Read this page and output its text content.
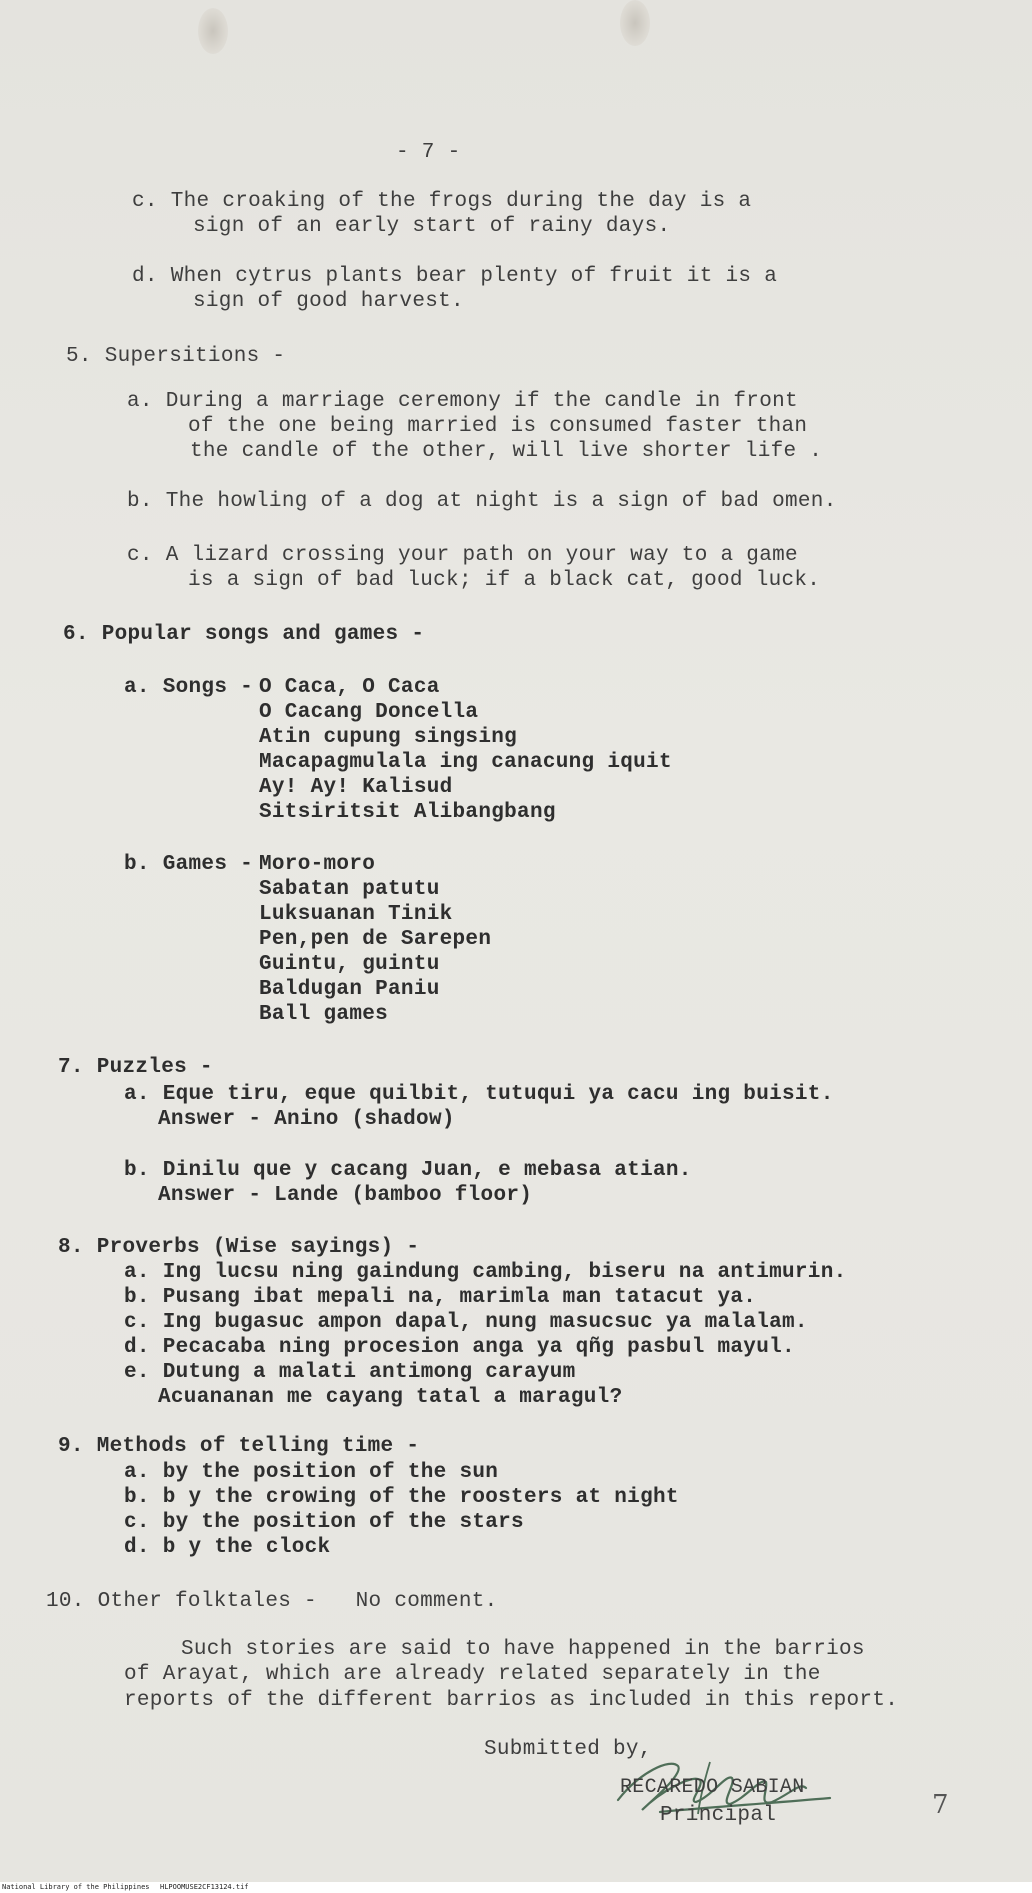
- 7 -
c. The croaking of the frogs during the day is a
sign of an early start of rainy days.
d. When cytrus plants bear plenty of fruit it is a
sign of good harvest.
5. Supersitions -
a. During a marriage ceremony if the candle in front
of the one being married is consumed faster than
the candle of the other, will live shorter life .
b. The howling of a dog at night is a sign of bad omen.
c. A lizard crossing your path on your way to a game
is a sign of bad luck; if a black cat, good luck.
6. Popular songs and games -
a. Songs -
O Caca, O Caca
O Cacang Doncella
Atin cupung singsing
Macapagmulala ing canacung iquit
Ay! Ay! Kalisud
Sitsiritsit Alibangbang
b. Games -
Moro-moro
Sabatan patutu
Luksuanan Tinik
Pen,pen de Sarepen
Guintu, guintu
Baldugan Paniu
Ball games
7. Puzzles -
a. Eque tiru, eque quilbit, tutuqui ya cacu ing buisit.
Answer - Anino (shadow)
b. Dinilu que y cacang Juan, e mebasa atian.
Answer - Lande (bamboo floor)
8. Proverbs (Wise sayings) -
a. Ing lucsu ning gaindung cambing, biseru na antimurin.
b. Pusang ibat mepali na, marimla man tatacut ya.
c. Ing bugasuc ampon dapal, nung masucsuc ya malalam.
d. Pecacaba ning procesion anga ya qñg pasbul mayul.
e. Dutung a malati antimong carayum
Acuananan me cayang tatal a maragul?
9. Methods of telling time -
a. by the position of the sun
b. b y the crowing of the roosters at night
c. by the position of the stars
d. b y the clock
10. Other folktales -   No comment.
Such stories are said to have happened in the barrios
of Arayat, which are already related separately in the
reports of the different barrios as included in this report.
Submitted by,
RECAREDO SABIAN
Principal	7
National Library of the Philippines HLPOOMUSE2CF13124.tif
